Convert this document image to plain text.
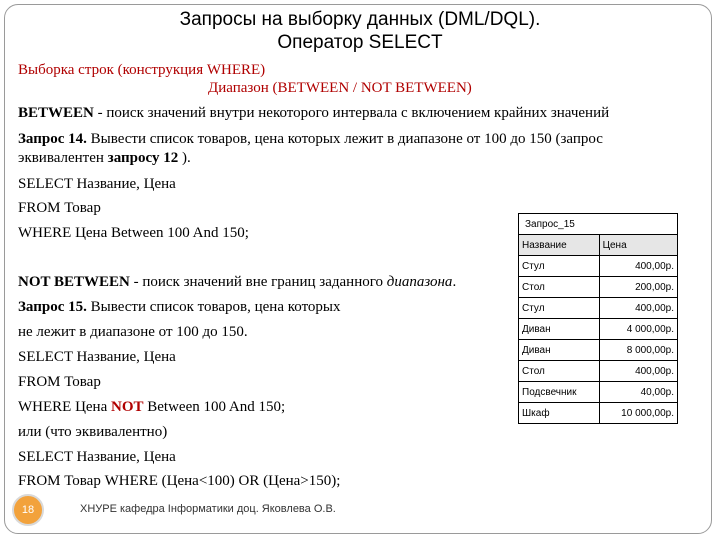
Запросы на выборку данных (DML/DQL).
Оператор SELECT
Выборка строк (конструкция WHERE)
Диапазон (BETWEEN / NOT BETWEEN)
BETWEEN - поиск значений внутри некоторого интервала с включением крайних значений
Запрос 14. Вывести список товаров, цена которых лежит в диапазоне от 100 до 150 (запрос
эквивалентен запросу 12 ).
SELECT Название, Цена
FROM Товар
WHERE Цена Between 100 And 150;
NOT BETWEEN - поиск значений вне границ заданного диапазона.
Запрос 15. Вывести список товаров, цена которых
не лежит в диапазоне от 100 до 150.
SELECT Название, Цена
FROM Товар
WHERE Цена NOT Between 100 And 150;
или (что эквивалентно)
SELECT Название, Цена
FROM Товар WHERE (Цена<100) OR (Цена>150);
Запрос_15	
Название	Цена
Стул	400,00р.
Стол	200,00р.
Стул	400,00р.
Диван	4 000,00р.
Диван	8 000,00р.
Стол	400,00р.
Подсвечник	40,00р.
Шкаф	10 000,00р.
18	ХНУРЕ кафедра Інформатики доц. Яковлева О.В.
